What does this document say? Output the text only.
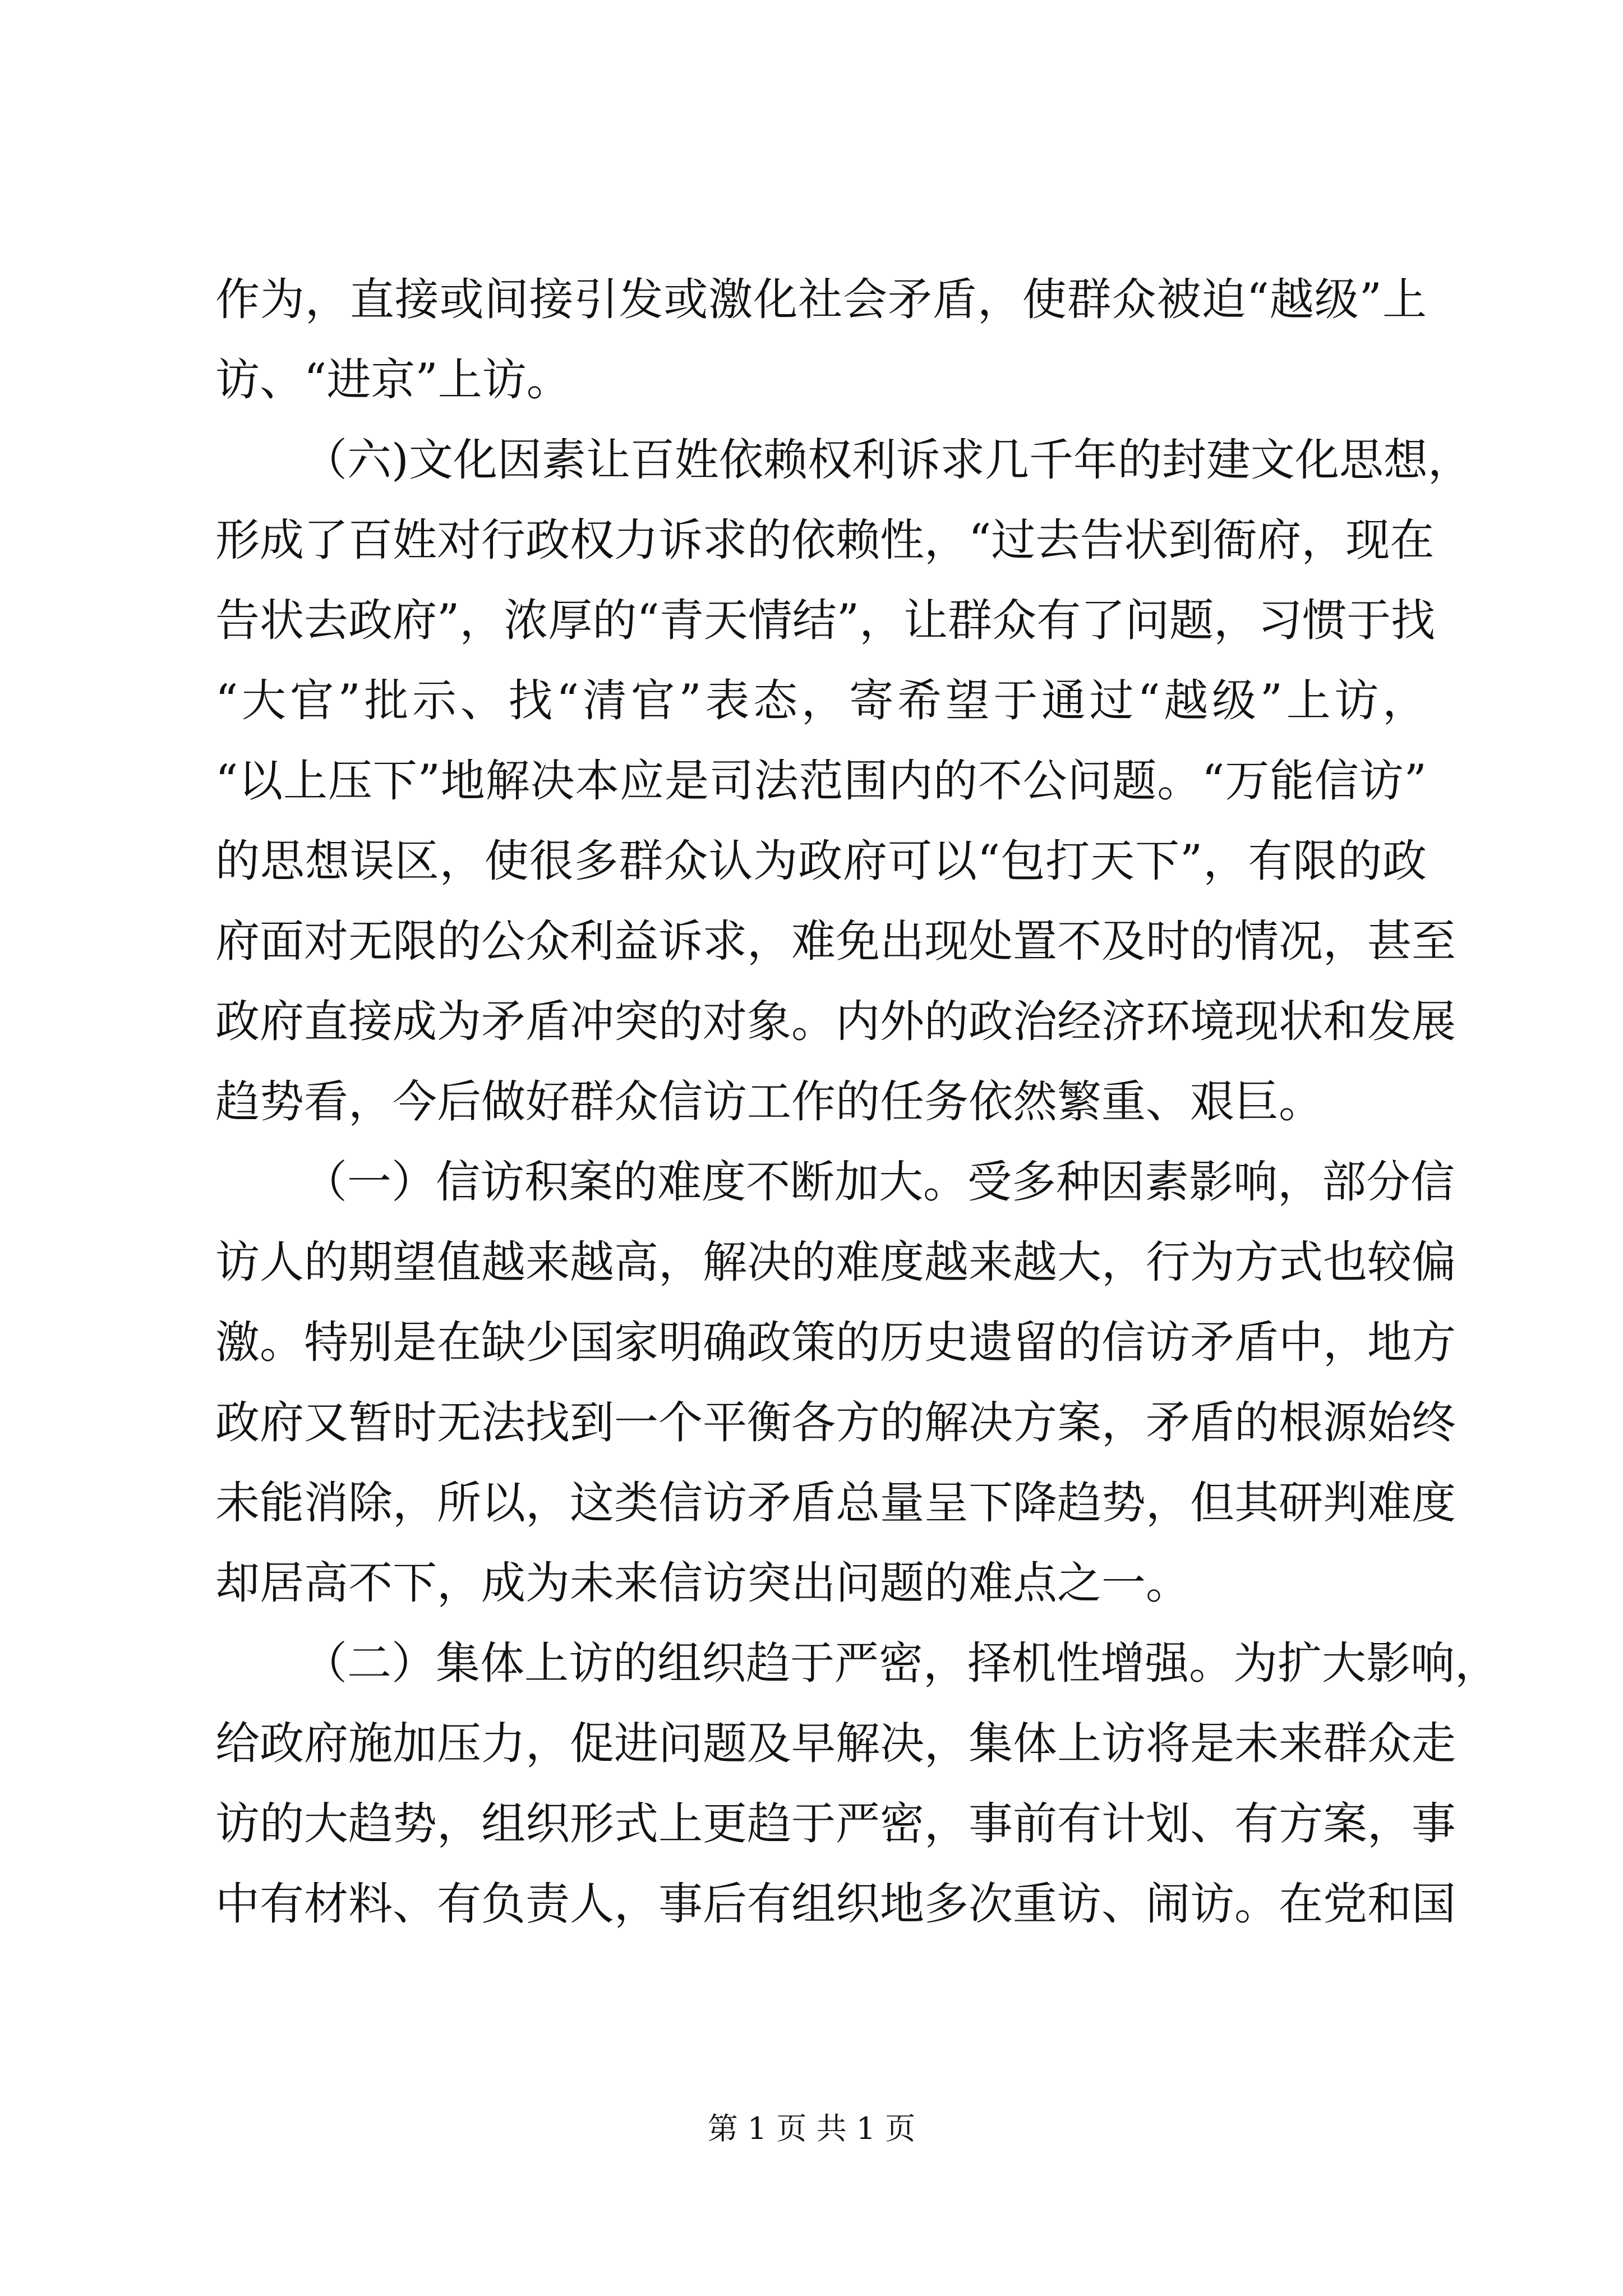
作为，直接或间接引发或激化社会矛盾，使群众被迫“越级”上
访、“进京”上访。
（六)文化因素让百姓依赖权利诉求几千年的封建文化思想，
形成了百姓对行政权力诉求的依赖性，“过去告状到衙府，现在
告状去政府”，浓厚的“青天情结”，让群众有了问题，习惯于找
“大官”批示、找“清官”表态，寄希望于通过“越级”上访，
“以上压下”地解决本应是司法范围内的不公问题。“万能信访”
的思想误区，使很多群众认为政府可以“包打天下”，有限的政
府面对无限的公众利益诉求，难免出现处置不及时的情况，甚至
政府直接成为矛盾冲突的对象。内外的政治经济环境现状和发展
趋势看，今后做好群众信访工作的任务依然繁重、艰巨。
（一）信访积案的难度不断加大。受多种因素影响，部分信
访人的期望值越来越高，解决的难度越来越大，行为方式也较偏
激。特别是在缺少国家明确政策的历史遗留的信访矛盾中，地方
政府又暂时无法找到一个平衡各方的解决方案，矛盾的根源始终
未能消除，所以，这类信访矛盾总量呈下降趋势，但其研判难度
却居高不下，成为未来信访突出问题的难点之一。
（二）集体上访的组织趋于严密，择机性增强。为扩大影响，
给政府施加压力，促进问题及早解决，集体上访将是未来群众走
访的大趋势，组织形式上更趋于严密，事前有计划、有方案，事
中有材料、有负责人，事后有组织地多次重访、闹访。在党和国
第 1 页 共 1 页
